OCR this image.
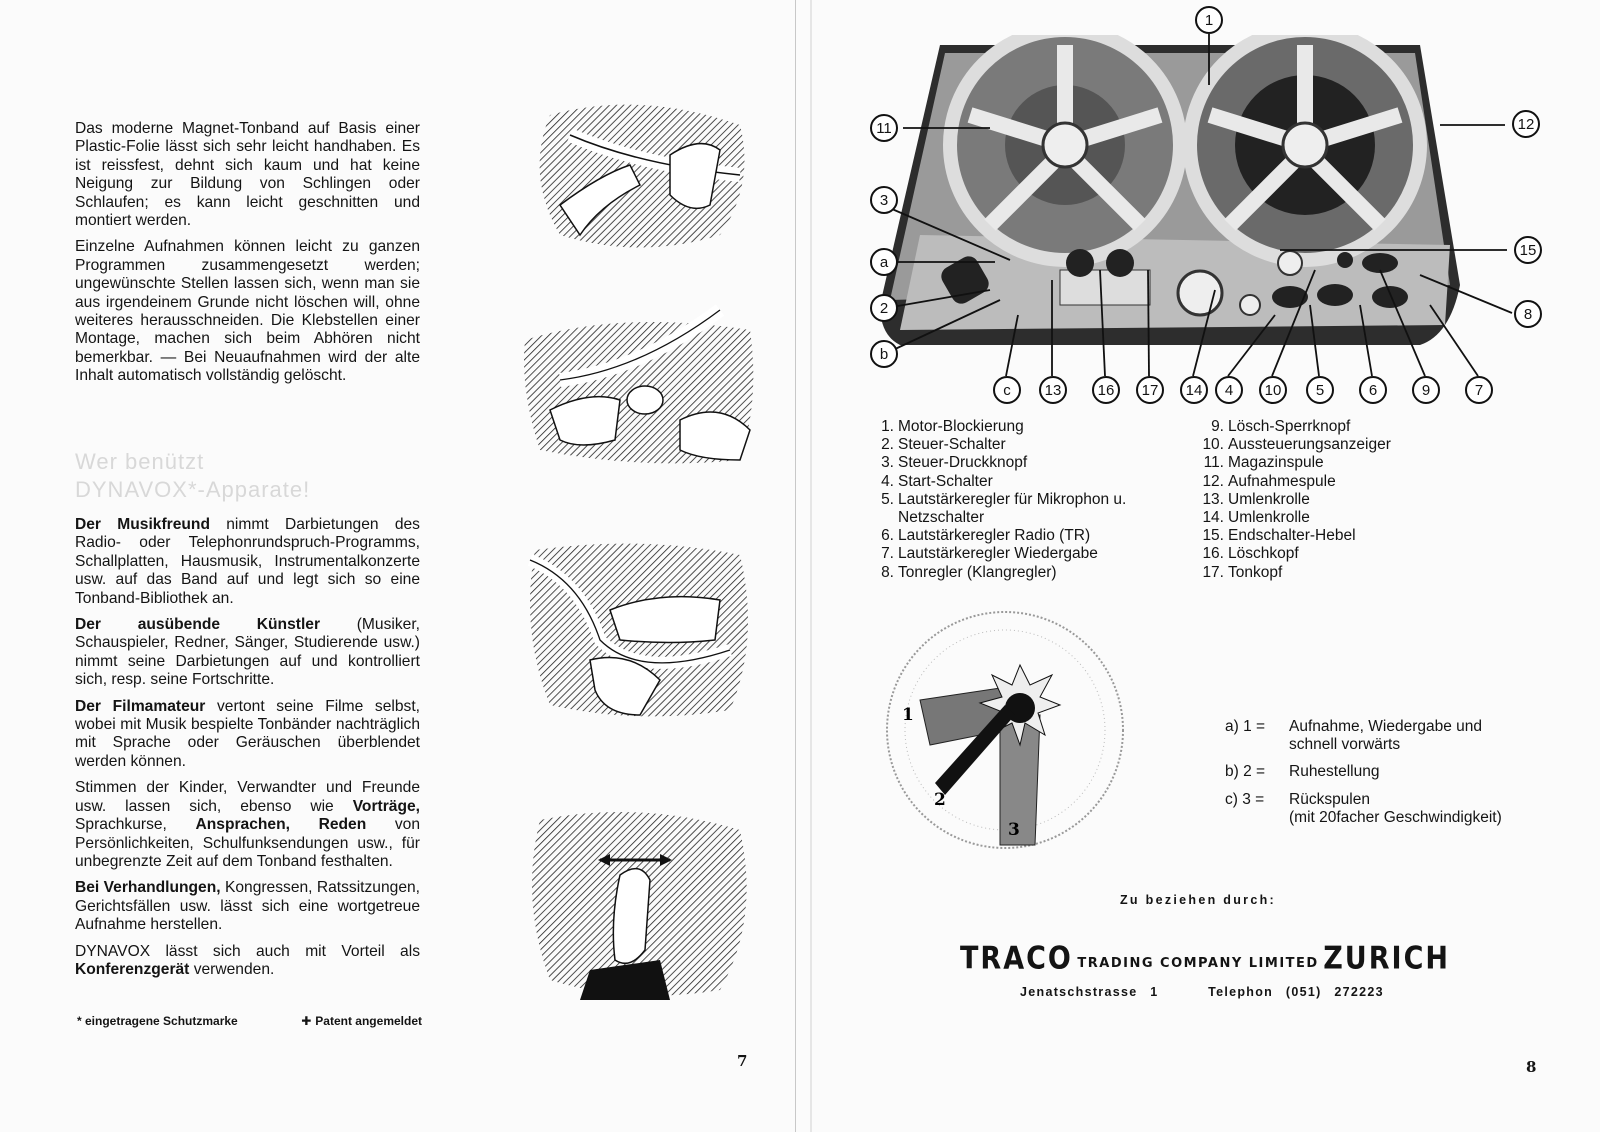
Das moderne Magnet-Tonband auf Basis einer Plastic-Folie lässt sich sehr leicht handhaben. Es ist reissfest, dehnt sich kaum und hat keine Neigung zur Bildung von Schlingen oder Schlaufen; es kann leicht geschnitten und montiert werden.

Einzelne Aufnahmen können leicht zu ganzen Programmen zusammengesetzt werden; ungewünschte Stellen lassen sich, wenn man sie aus irgendeinem Grunde nicht löschen will, ohne weiteres herausschneiden. Die Klebstellen einer Montage, machen sich beim Abhören nicht bemerkbar. — Bei Neuaufnahmen wird der alte Inhalt automatisch vollständig gelöscht.

Wer benützt
DYNAVOX*-Apparate!

Der Musikfreund nimmt Darbietungen des Radio- oder Telephonrundspruch-Programms, Schallplatten, Hausmusik, Instrumentalkonzerte usw. auf das Band auf und legt sich so eine Tonband-Bibliothek an.

Der ausübende Künstler (Musiker, Schauspieler, Redner, Sänger, Studierende usw.) nimmt seine Darbietungen auf und kontrolliert sich, resp. seine Fortschritte.

Der Filmamateur vertont seine Filme selbst, wobei mit Musik bespielte Tonbänder nachträglich mit Sprache oder Geräuschen überblendet werden können.

Stimmen der Kinder, Verwandter und Freunde usw. lassen sich, ebenso wie Vorträge, Sprachkurse, Ansprachen, Reden von Persönlichkeiten, Schulfunksendungen usw., für unbegrenzte Zeit auf dem Tonband festhalten.

Bei Verhandlungen, Kongressen, Ratssitzungen, Gerichtsfällen usw. lässt sich eine wortgetreue Aufnahme herstellen.

DYNAVOX lässt sich auch mit Vorteil als Konferenzgerät verwenden.

* eingetragene Schutzmarke	✚ Patent angemeldet
7
1
11	12
3
15
a
2	8
b
c	13	16	17	14	4	10	5	6	9	7
1. Motor-Blockierung
2. Steuer-Schalter
3. Steuer-Druckknopf
4. Start-Schalter
5. Lautstärkeregler für Mikrophon u.
Netzschalter
6. Lautstärkeregler Radio (TR)
7. Lautstärkeregler Wiedergabe
8. Tonregler (Klangregler)
9. Lösch-Sperrknopf
10. Aussteuerungsanzeiger
11. Magazinspule
12. Aufnahmespule
13. Umlenkrolle
14. Umlenkrolle
15. Endschalter-Hebel
16. Löschkopf
17. Tonkopf
1
2
3
a) 1 =	Aufnahme, Wiedergabe und
schnell vorwärts
b) 2 =	Ruhestellung
c) 3 =	Rückspulen
(mit 20facher Geschwindigkeit)
Zu beziehen durch:
TRACO TRADING COMPANY LIMITED ZURICH
Jenatschstrasse 1	Telephon (051) 272223
8
